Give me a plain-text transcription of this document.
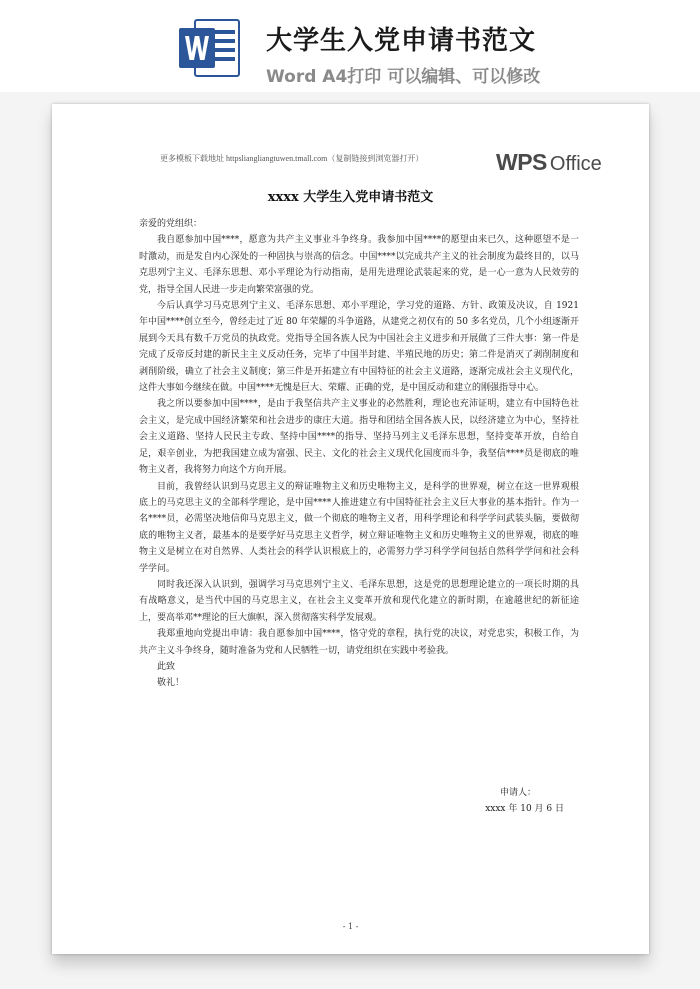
大学生入党申请书范文
Word A4打印 可以编辑、可以修改
更多模板下载地址 httpsliangliangtuwen.tmall.com（复制链接到浏览器打开）	WPS Office
xxxx 大学生入党申请书范文

亲爱的党组织：

我自愿参加中国****，愿意为共产主义事业斗争终身。我参加中国****的愿望由来已久，这种愿望不是一时激动，而是发自内心深处的一种固执与崇高的信念。中国****以完成共产主义的社会制度为最终目的，以马克思列宁主义、毛泽东思想、邓小平理论为行动指南，是用先进理论武装起来的党，是一心一意为人民效劳的党，指导全国人民进一步走向繁荣富强的党。

今后认真学习马克思列宁主义、毛泽东思想、邓小平理论，学习党的道路、方针、政策及决议，自 1921 年中国****创立至今，曾经走过了近 80 年荣耀的斗争道路，从建党之初仅有的 50 多名党员，几个小组逐渐开展到今天具有数千万党员的执政党。党指导全国各族人民为中国社会主义进步和开展做了三件大事：第一件是完成了反帝反封建的新民主主义反动任务，完毕了中国半封建、半殖民地的历史；第二件是消灭了剥削制度和剥削阶级，确立了社会主义制度；第三件是开拓建立有中国特征的社会主义道路，逐渐完成社会主义现代化，这件大事如今继续在做。中国****无愧是巨大、荣耀、正确的党，是中国反动和建立的刚强指导中心。

我之所以要参加中国****，是由于我坚信共产主义事业的必然胜利，理论也充沛证明，建立有中国特色社会主义，是完成中国经济繁荣和社会进步的康庄大道。指导和团结全国各族人民，以经济建立为中心，坚持社会主义道路、坚持人民民主专政、坚持中国****的指导、坚持马列主义毛泽东思想，坚持变革开放，自给自足，艰辛创业，为把我国建立成为富强、民主、文化的社会主义现代化国度而斗争，我坚信****员是彻底的唯物主义者，我将努力向这个方向开展。

目前，我曾经认识到马克思主义的辩证唯物主义和历史唯物主义，是科学的世界观，树立在这一世界观根底上的马克思主义的全部科学理论，是中国****人推进建立有中国特征社会主义巨大事业的基本指针。作为一名****员，必需坚决地信仰马克思主义，做一个彻底的唯物主义者，用科学理论和科学学问武装头脑，要做彻底的唯物主义者，最基本的是要学好马克思主义哲学，树立辩证唯物主义和历史唯物主义的世界观，彻底的唯物主义是树立在对自然界、人类社会的科学认识根底上的，必需努力学习科学学问包括自然科学学问和社会科学学问。

同时我还深入认识到，强调学习马克思列宁主义、毛泽东思想，这是党的思想理论建立的一项长时期的具有战略意义，是当代中国的马克思主义，在社会主义变革开放和现代化建立的新时期，在逾越世纪的新征途上，要高举邓**理论的巨大旗帜，深入贯彻落实科学发展观。

我郑重地向党提出申请：我自愿参加中国****，恪守党的章程，执行党的决议，对党忠实，积极工作，为共产主义斗争终身，随时准备为党和人民牺牲一切，请党组织在实践中考验我。

此致

敬礼！

申请人：
xxxx 年 10 月 6 日
- 1 -
